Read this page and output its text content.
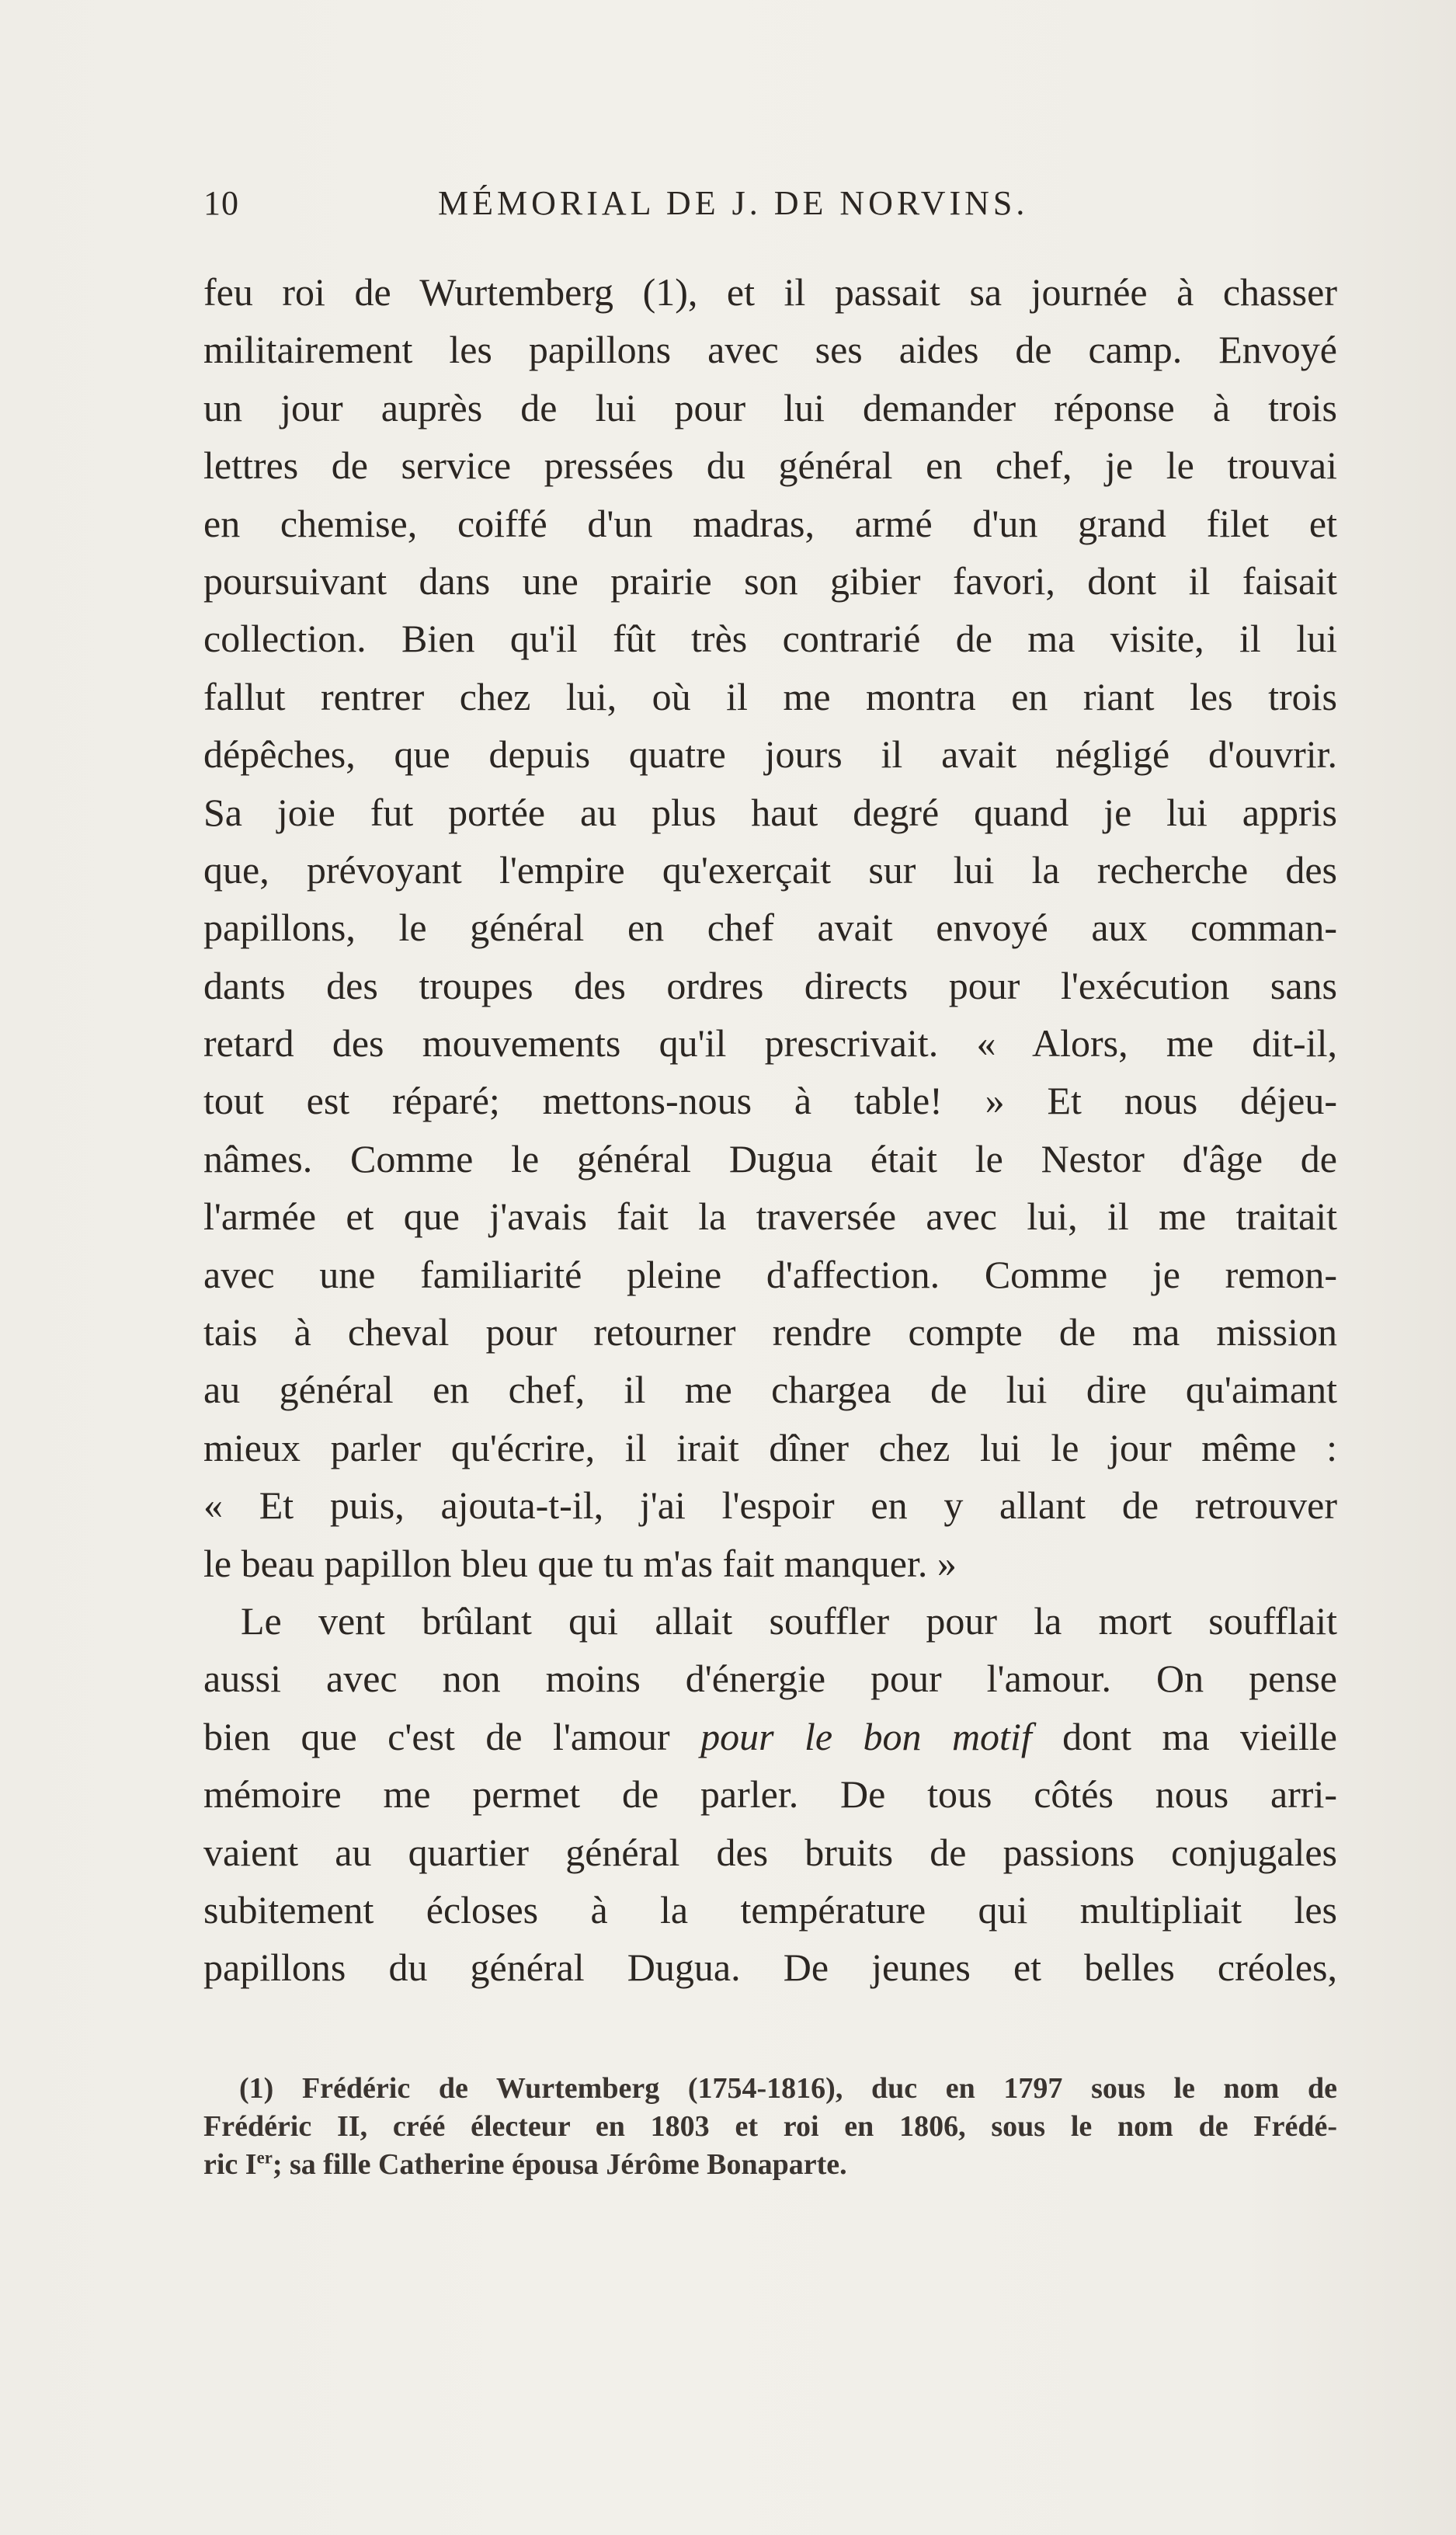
10	MÉMORIAL DE J. DE NORVINS.
feu roi de Wurtemberg (1), et il passait sa journée à chasser
militairement les papillons avec ses aides de camp. Envoyé
un jour auprès de lui pour lui demander réponse à trois
lettres de service pressées du général en chef, je le trouvai
en chemise, coiffé d'un madras, armé d'un grand filet et
poursuivant dans une prairie son gibier favori, dont il faisait
collection. Bien qu'il fût très contrarié de ma visite, il lui
fallut rentrer chez lui, où il me montra en riant les trois
dépêches, que depuis quatre jours il avait négligé d'ouvrir.
Sa joie fut portée au plus haut degré quand je lui appris
que, prévoyant l'empire qu'exerçait sur lui la recherche des
papillons, le général en chef avait envoyé aux comman-
dants des troupes des ordres directs pour l'exécution sans
retard des mouvements qu'il prescrivait. « Alors, me dit-il,
tout est réparé; mettons-nous à table! » Et nous déjeu-
nâmes. Comme le général Dugua était le Nestor d'âge de
l'armée et que j'avais fait la traversée avec lui, il me traitait
avec une familiarité pleine d'affection. Comme je remon-
tais à cheval pour retourner rendre compte de ma mission
au général en chef, il me chargea de lui dire qu'aimant
mieux parler qu'écrire, il irait dîner chez lui le jour même :
« Et puis, ajouta-t-il, j'ai l'espoir en y allant de retrouver
le beau papillon bleu que tu m'as fait manquer. »
Le vent brûlant qui allait souffler pour la mort soufflait
aussi avec non moins d'énergie pour l'amour. On pense
bien que c'est de l'amour pour le bon motif dont ma vieille
mémoire me permet de parler. De tous côtés nous arri-
vaient au quartier général des bruits de passions conjugales
subitement écloses à la température qui multipliait les
papillons du général Dugua. De jeunes et belles créoles,
(1) Frédéric de Wurtemberg (1754-1816), duc en 1797 sous le nom de
Frédéric II, créé électeur en 1803 et roi en 1806, sous le nom de Frédé-
ric Ier; sa fille Catherine épousa Jérôme Bonaparte.
